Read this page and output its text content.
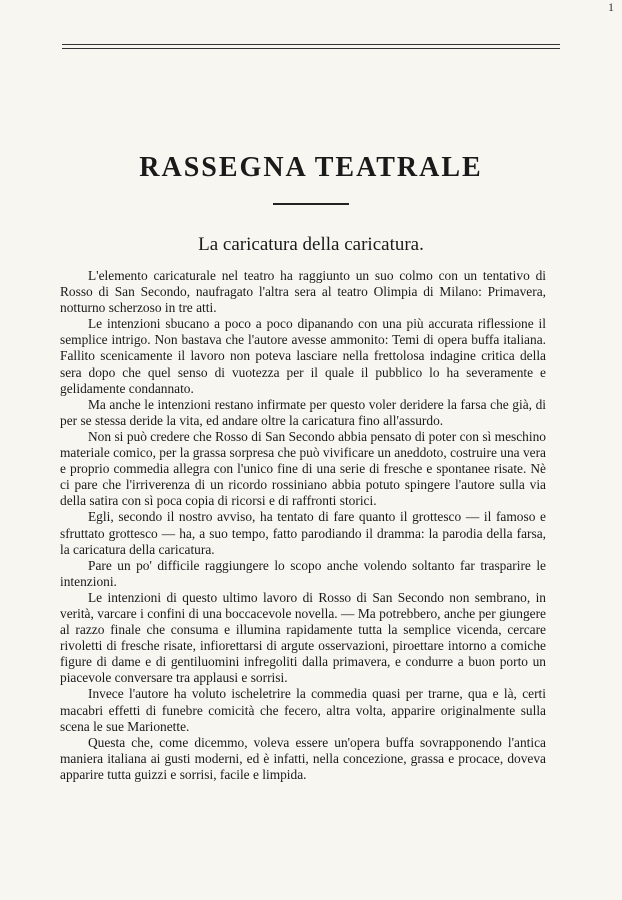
1
RASSEGNA TEATRALE
La caricatura della caricatura.

L'elemento caricaturale nel teatro ha raggiunto un suo colmo con un tentativo di Rosso di San Secondo, naufragato l'altra sera al teatro Olimpia di Milano: Primavera, notturno scherzoso in tre atti.

Le intenzioni sbucano a poco a poco dipanando con una più accurata riflessione il semplice intrigo. Non bastava che l'autore avesse ammonito: Temi di opera buffa italiana. Fallito scenicamente il lavoro non poteva lasciare nella frettolosa indagine critica della sera dopo che quel senso di vuotezza per il quale il pubblico lo ha severamente e gelidamente condannato.

Ma anche le intenzioni restano infirmate per questo voler deridere la farsa che già, di per se stessa deride la vita, ed andare oltre la caricatura fino all'assurdo.

Non si può credere che Rosso di San Secondo abbia pensato di poter con sì meschino materiale comico, per la grassa sorpresa che può vivificare un aneddoto, costruire una vera e proprio commedia allegra con l'unico fine di una serie di fresche e spontanee risate. Nè ci pare che l'irriverenza di un ricordo rossiniano abbia potuto spingere l'autore sulla via della satira con sì poca copia di ricorsi e di raffronti storici.

Egli, secondo il nostro avviso, ha tentato di fare quanto il grottesco — il famoso e sfruttato grottesco — ha, a suo tempo, fatto parodiando il dramma: la parodia della farsa, la caricatura della caricatura.

Pare un po' difficile raggiungere lo scopo anche volendo soltanto far trasparire le intenzioni.

Le intenzioni di questo ultimo lavoro di Rosso di San Secondo non sembrano, in verità, varcare i confini di una boccacevole novella. — Ma potrebbero, anche per giungere al razzo finale che consuma e illumina rapidamente tutta la semplice vicenda, cercare rivoletti di fresche risate, infiorettarsi di argute osservazioni, piroettare intorno a comiche figure di dame e di gentiluomini infregoliti dalla primavera, e condurre a buon porto un piacevole conversare tra applausi e sorrisi.

Invece l'autore ha voluto ischeletrire la commedia quasi per trarne, qua e là, certi macabri effetti di funebre comicità che fecero, altra volta, apparire originalmente sulla scena le sue Marionette.

Questa che, come dicemmo, voleva essere un'opera buffa sovrapponendo l'antica maniera italiana ai gusti moderni, ed è infatti, nella concezione, grassa e procace, doveva apparire tutta guizzi e sorrisi, facile e limpida.
